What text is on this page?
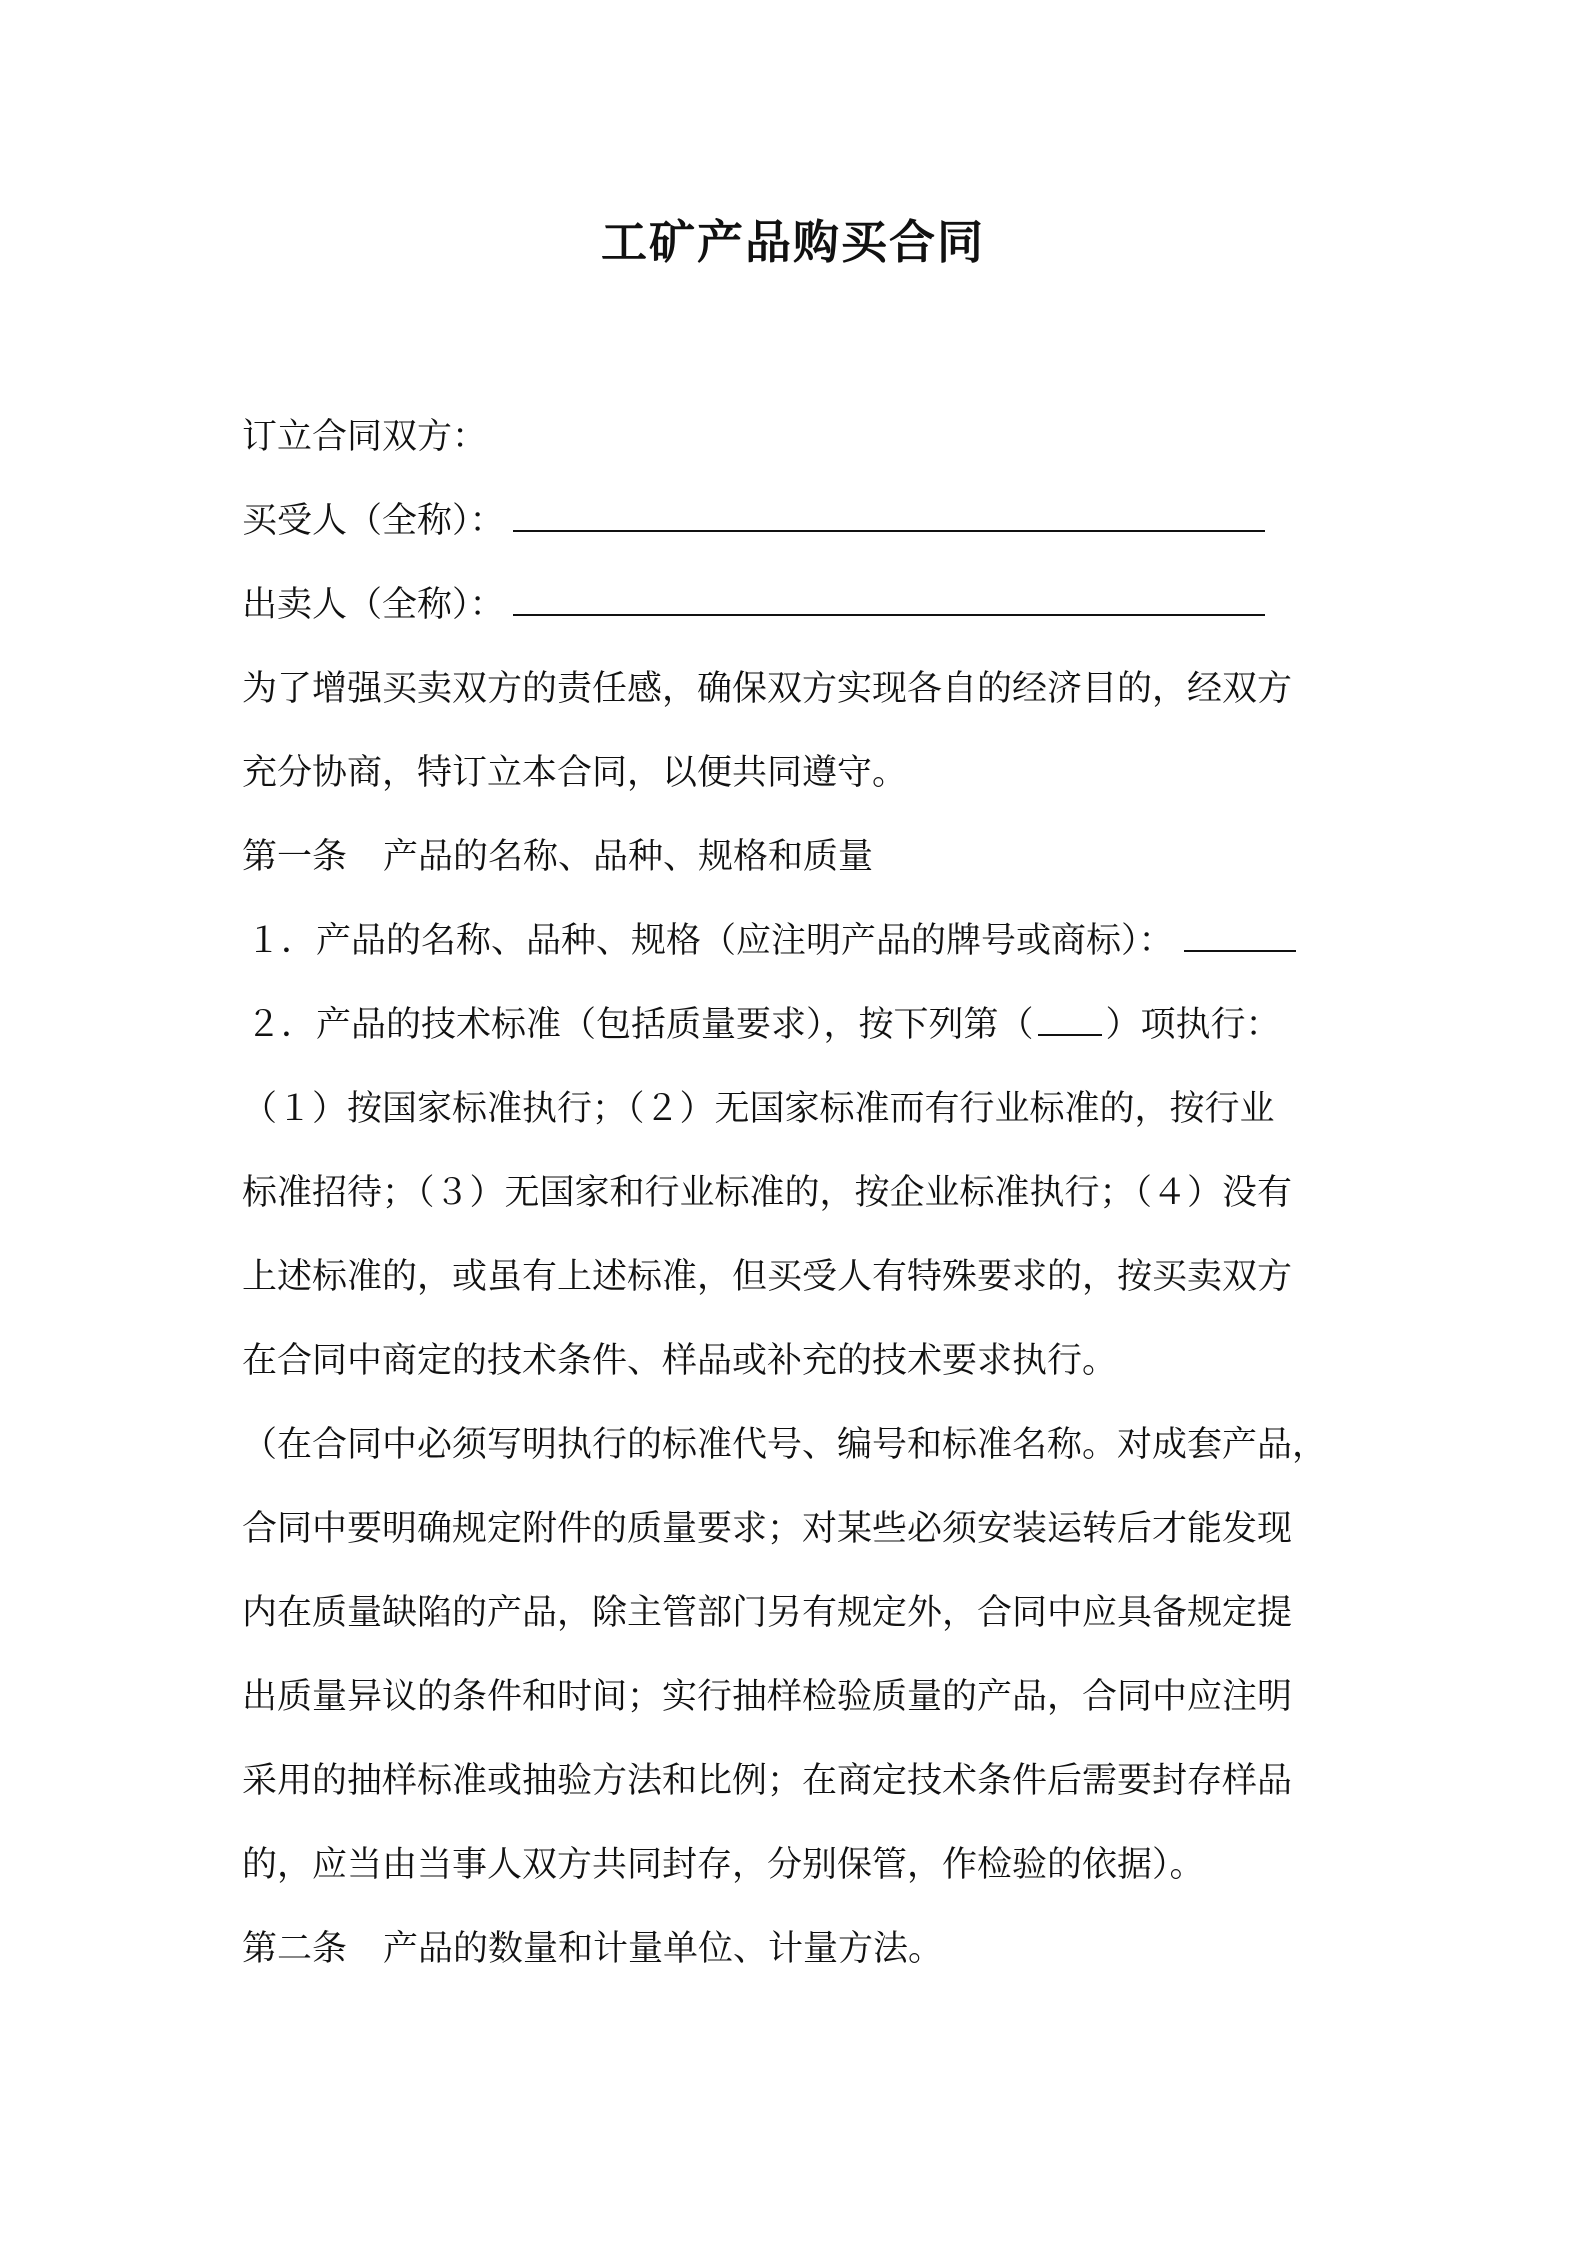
工矿产品购买合同
订立合同双方：
买受人（全称）：
出卖人（全称）：
为了增强买卖双方的责任感，确保双方实现各自的经济目的，经双方
充分协商，特订立本合同，以便共同遵守。
第一条 产品的名称、品种、规格和质量
１．产品的名称、品种、规格（应注明产品的牌号或商标）：
２．产品的技术标准（包括质量要求），按下列第（ ）项执行：
（１）按国家标准执行；（２）无国家标准而有行业标准的，按行业
标准招待；（３）无国家和行业标准的，按企业标准执行；（４）没有
上述标准的，或虽有上述标准，但买受人有特殊要求的，按买卖双方
在合同中商定的技术条件、样品或补充的技术要求执行。
（在合同中必须写明执行的标准代号、编号和标准名称。对成套产品，
合同中要明确规定附件的质量要求；对某些必须安装运转后才能发现
内在质量缺陷的产品，除主管部门另有规定外，合同中应具备规定提
出质量异议的条件和时间；实行抽样检验质量的产品，合同中应注明
采用的抽样标准或抽验方法和比例；在商定技术条件后需要封存样品
的，应当由当事人双方共同封存，分别保管，作检验的依据）。
第二条 产品的数量和计量单位、计量方法。
